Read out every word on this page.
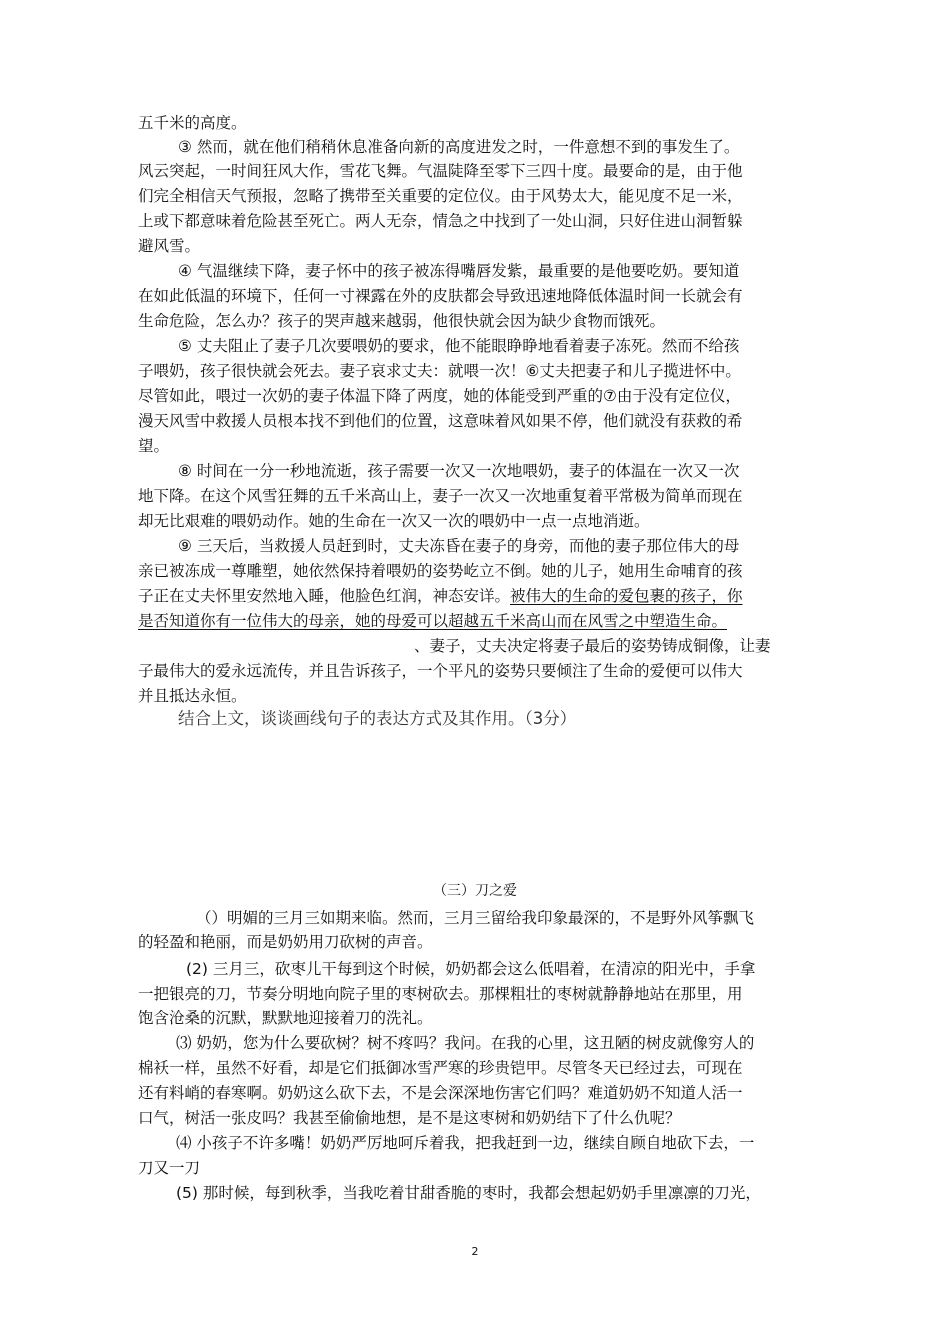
五千米的高度。
③ 然而，就在他们稍稍休息准备向新的高度进发之时，一件意想不到的事发生了。
风云突起，一时间狂风大作，雪花飞舞。气温陡降至零下三四十度。最要命的是，由于他
们完全相信天气预报，忽略了携带至关重要的定位仪。由于风势太大，能见度不足一米，
上或下都意味着危险甚至死亡。两人无奈，情急之中找到了一处山洞，只好住进山洞暂躲
避风雪。
④ 气温继续下降，妻子怀中的孩子被冻得嘴唇发紫，最重要的是他要吃奶。要知道
在如此低温的环境下，任何一寸裸露在外的皮肤都会导致迅速地降低体温时间一长就会有
生命危险，怎么办？孩子的哭声越来越弱，他很快就会因为缺少食物而饿死。
⑤ 丈夫阻止了妻子几次要喂奶的要求，他不能眼睁睁地看着妻子冻死。然而不给孩
子喂奶，孩子很快就会死去。妻子哀求丈夫：就喂一次！⑥丈夫把妻子和儿子揽进怀中。
尽管如此，喂过一次奶的妻子体温下降了两度，她的体能受到严重的⑦由于没有定位仪，
漫天风雪中救援人员根本找不到他们的位置，这意味着风如果不停，他们就没有获救的希
望。
⑧ 时间在一分一秒地流逝，孩子需要一次又一次地喂奶，妻子的体温在一次又一次
地下降。在这个风雪狂舞的五千米高山上，妻子一次又一次地重复着平常极为简单而现在
却无比艰难的喂奶动作。她的生命在一次又一次的喂奶中一点一点地消逝。
⑨ 三天后，当救援人员赶到时，丈夫冻昏在妻子的身旁，而他的妻子那位伟大的母
亲已被冻成一尊雕塑，她依然保持着喂奶的姿势屹立不倒。她的儿子，她用生命哺育的孩
子正在丈夫怀里安然地入睡，他脸色红润，神态安详。被伟大的生命的爱包裹的孩子，你
是否知道你有一位伟大的母亲，她的母爱可以超越五千米高山而在风雪之中塑造生命。
、妻子，丈夫决定将妻子最后的姿势铸成铜像，让妻
子最伟大的爱永远流传，并且告诉孩子，一个平凡的姿势只要倾注了生命的爱便可以伟大
并且抵达永恒。
结合上文，谈谈画线句子的表达方式及其作用。（3分）
（三）刀之爱
（）明媚的三月三如期来临。然而，三月三留给我印象最深的，不是野外风筝飘飞
的轻盈和艳丽，而是奶奶用刀砍树的声音。
(2) 三月三，砍枣儿干每到这个时候，奶奶都会这么低唱着，在清凉的阳光中，手拿
一把银亮的刀，节奏分明地向院子里的枣树砍去。那棵粗壮的枣树就静静地站在那里，用
饱含沧桑的沉默，默默地迎接着刀的洗礼。
⑶ 奶奶，您为什么要砍树？树不疼吗？我问。在我的心里，这丑陋的树皮就像穷人的
棉袄一样，虽然不好看，却是它们抵御冰雪严寒的珍贵铠甲。尽管冬天已经过去，可现在
还有料峭的春寒啊。奶奶这么砍下去，不是会深深地伤害它们吗？难道奶奶不知道人活一
口气，树活一张皮吗？我甚至偷偷地想，是不是这枣树和奶奶结下了什么仇呢？
⑷ 小孩子不许多嘴！奶奶严厉地呵斥着我，把我赶到一边，继续自顾自地砍下去，一
刀又一刀
(5) 那时候，每到秋季，当我吃着甘甜香脆的枣时，我都会想起奶奶手里凛凛的刀光，
2
